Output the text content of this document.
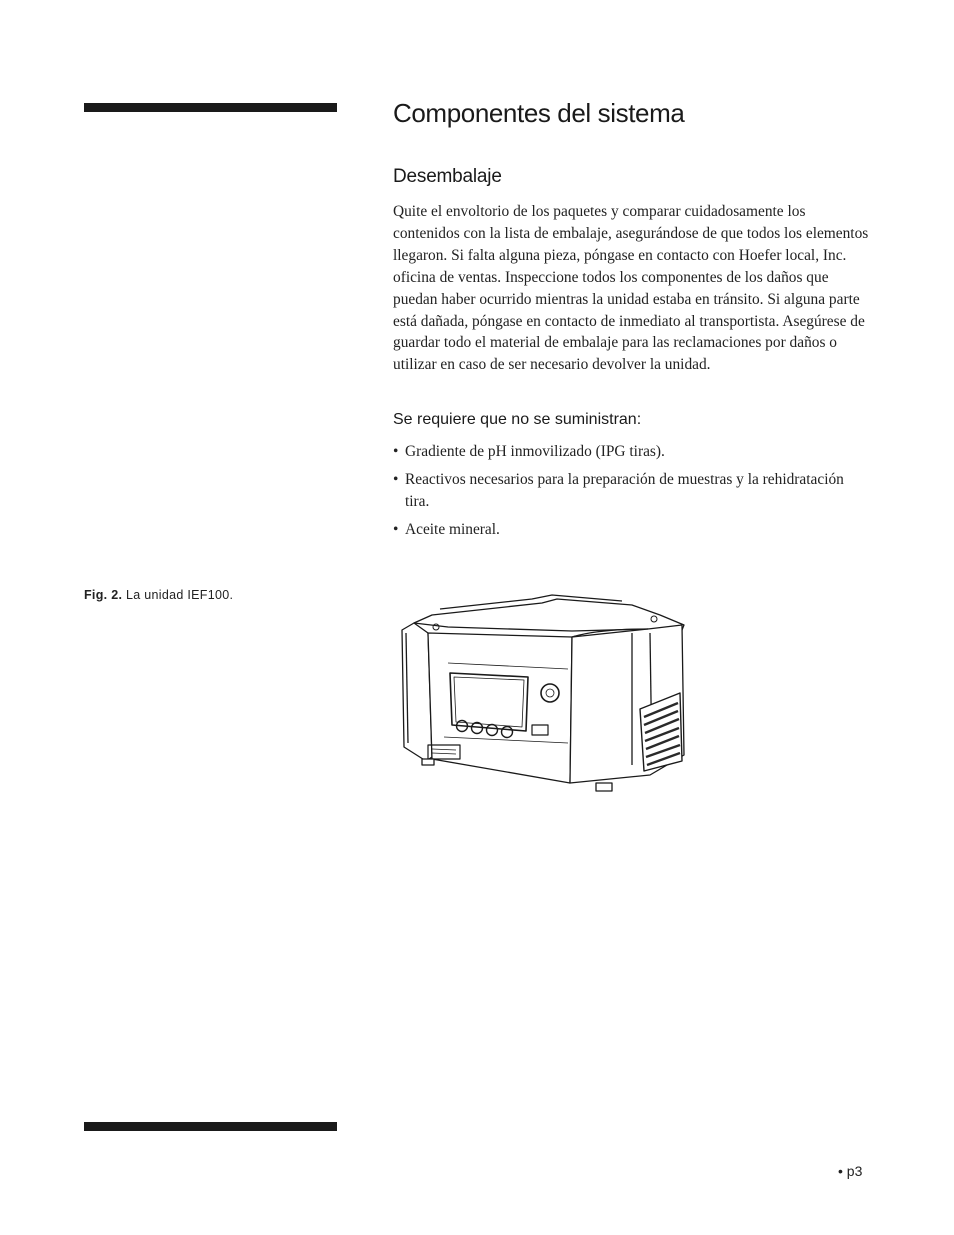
Componentes del sistema
Desembalaje

Quite el envoltorio de los paquetes y comparar cuidadosamente los contenidos con la lista de embalaje, asegurándose de que todos los elementos llegaron. Si falta alguna pieza, póngase en contacto con Hoefer local, Inc. oficina de ventas. Inspeccione todos los componentes de los daños que puedan haber ocurrido mientras la unidad estaba en tránsito. Si alguna parte está dañada, póngase en contacto de inmediato al transportista. Asegúrese de guardar todo el material de embalaje para las reclamaciones por daños o utilizar en caso de ser necesario devolver la unidad.

Se requiere que no se suministran:
• Gradiente de pH inmovilizado (IPG tiras).
• Reactivos necesarios para la preparación de muestras y la rehidratación tira.
• Aceite mineral.

Fig. 2. La unidad IEF100.

• p3
